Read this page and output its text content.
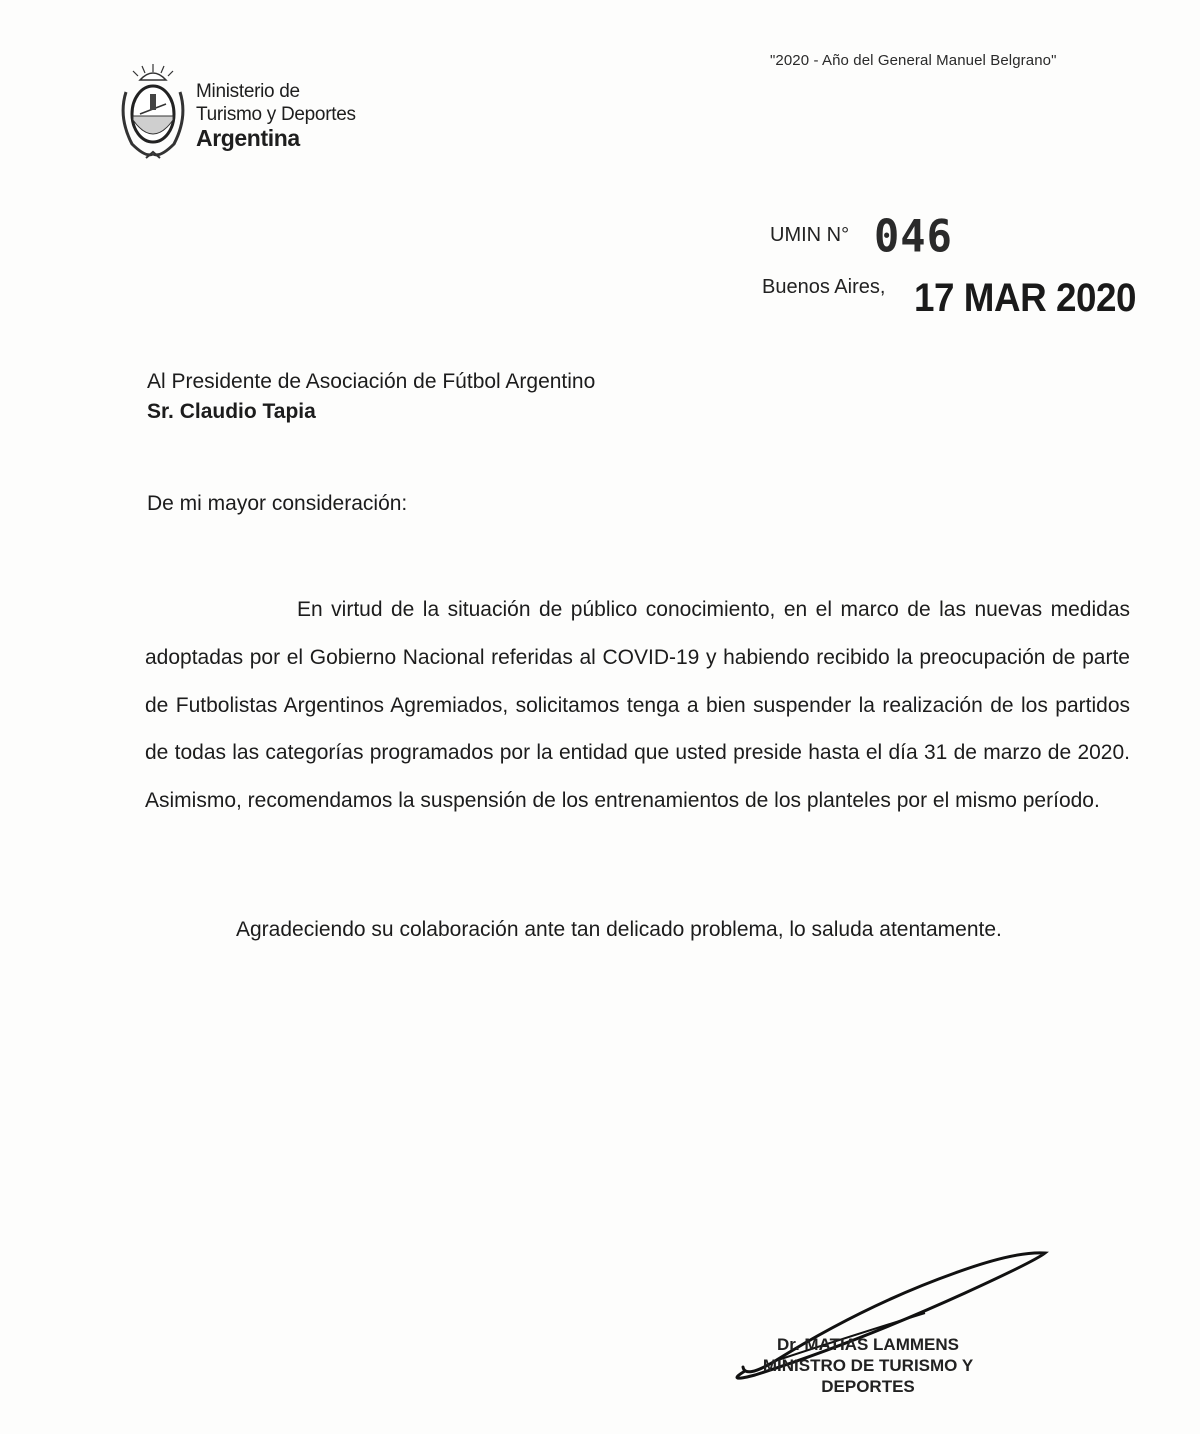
"2020 - Año del General Manuel Belgrano"
Ministerio de
Turismo y Deportes
Argentina
UMIN N° 046
Buenos Aires, 17 MAR 2020
Al Presidente de Asociación de Fútbol Argentino
Sr. Claudio Tapia
De mi mayor consideración:
En virtud de la situación de público conocimiento, en el marco de las nuevas medidas adoptadas por el Gobierno Nacional referidas al COVID-19 y habiendo recibido la preocupación de parte de Futbolistas Argentinos Agremiados, solicitamos tenga a bien suspender la realización de los partidos de todas las categorías programados por la entidad que usted preside hasta el día 31 de marzo de 2020. Asimismo, recomendamos la suspensión de los entrenamientos de los planteles por el mismo período.
Agradeciendo su colaboración ante tan delicado problema, lo saluda atentamente.
Dr. MATIAS LAMMENS
MINISTRO DE TURISMO Y
DEPORTES
